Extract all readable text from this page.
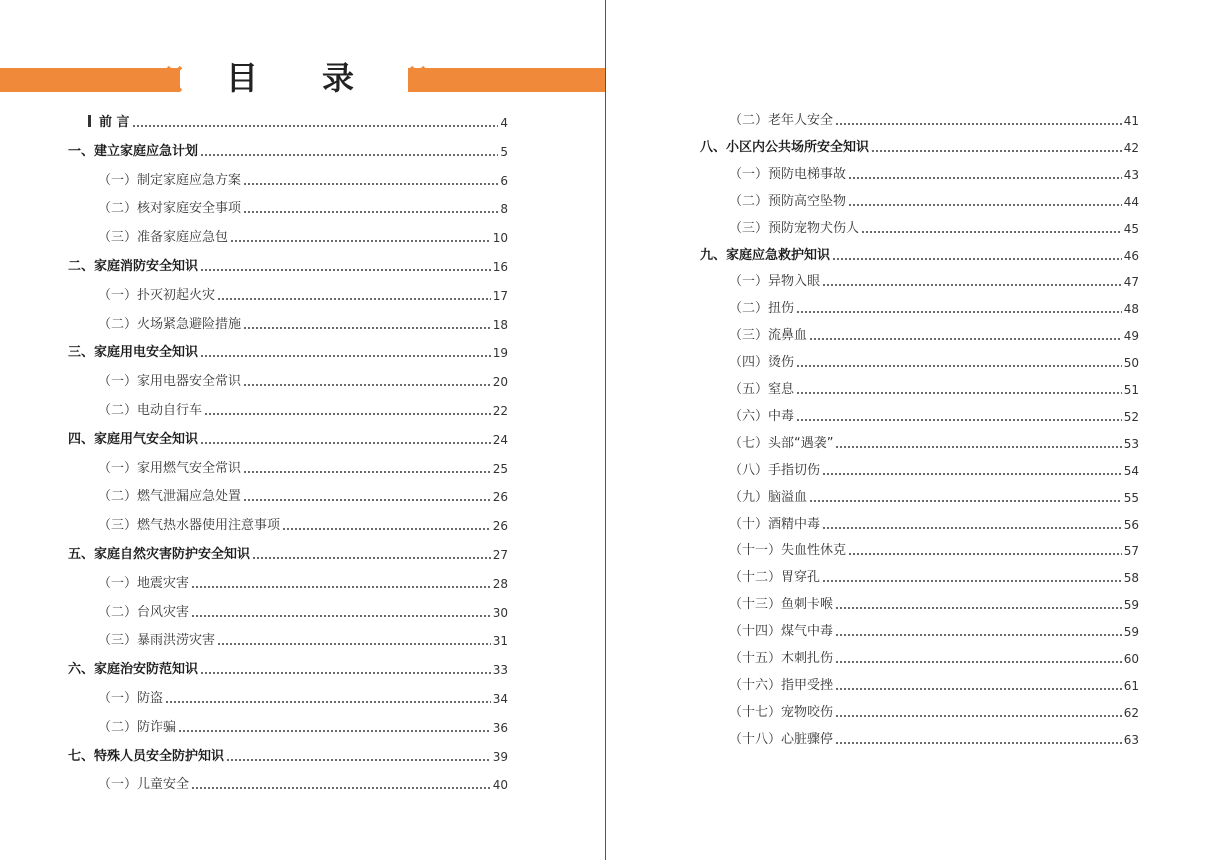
目 录
前 言	4
一、建立家庭应急计划	5
（一）制定家庭应急方案	6
（二）核对家庭安全事项	8
（三）准备家庭应急包	10
二、家庭消防安全知识	16
（一）扑灭初起火灾	17
（二）火场紧急避险措施	18
三、家庭用电安全知识	19
（一）家用电器安全常识	20
（二）电动自行车	22
四、家庭用气安全知识	24
（一）家用燃气安全常识	25
（二）燃气泄漏应急处置	26
（三）燃气热水器使用注意事项	26
五、家庭自然灾害防护安全知识	27
（一）地震灾害	28
（二）台风灾害	30
（三）暴雨洪涝灾害	31
六、家庭治安防范知识	33
（一）防盗	34
（二）防诈骗	36
七、特殊人员安全防护知识	39
（一）儿童安全	40
（二）老年人安全	41
八、小区内公共场所安全知识	42
（一）预防电梯事故	43
（二）预防高空坠物	44
（三）预防宠物犬伤人	45
九、家庭应急救护知识	46
（一）异物入眼	47
（二）扭伤	48
（三）流鼻血	49
（四）烫伤	50
（五）窒息	51
（六）中毒	52
（七）头部“遇袭”	53
（八）手指切伤	54
（九）脑溢血	55
（十）酒精中毒	56
（十一）失血性休克	57
（十二）胃穿孔	58
（十三）鱼刺卡喉	59
（十四）煤气中毒	59
（十五）木刺扎伤	60
（十六）指甲受挫	61
（十七）宠物咬伤	62
（十八）心脏骤停	63
